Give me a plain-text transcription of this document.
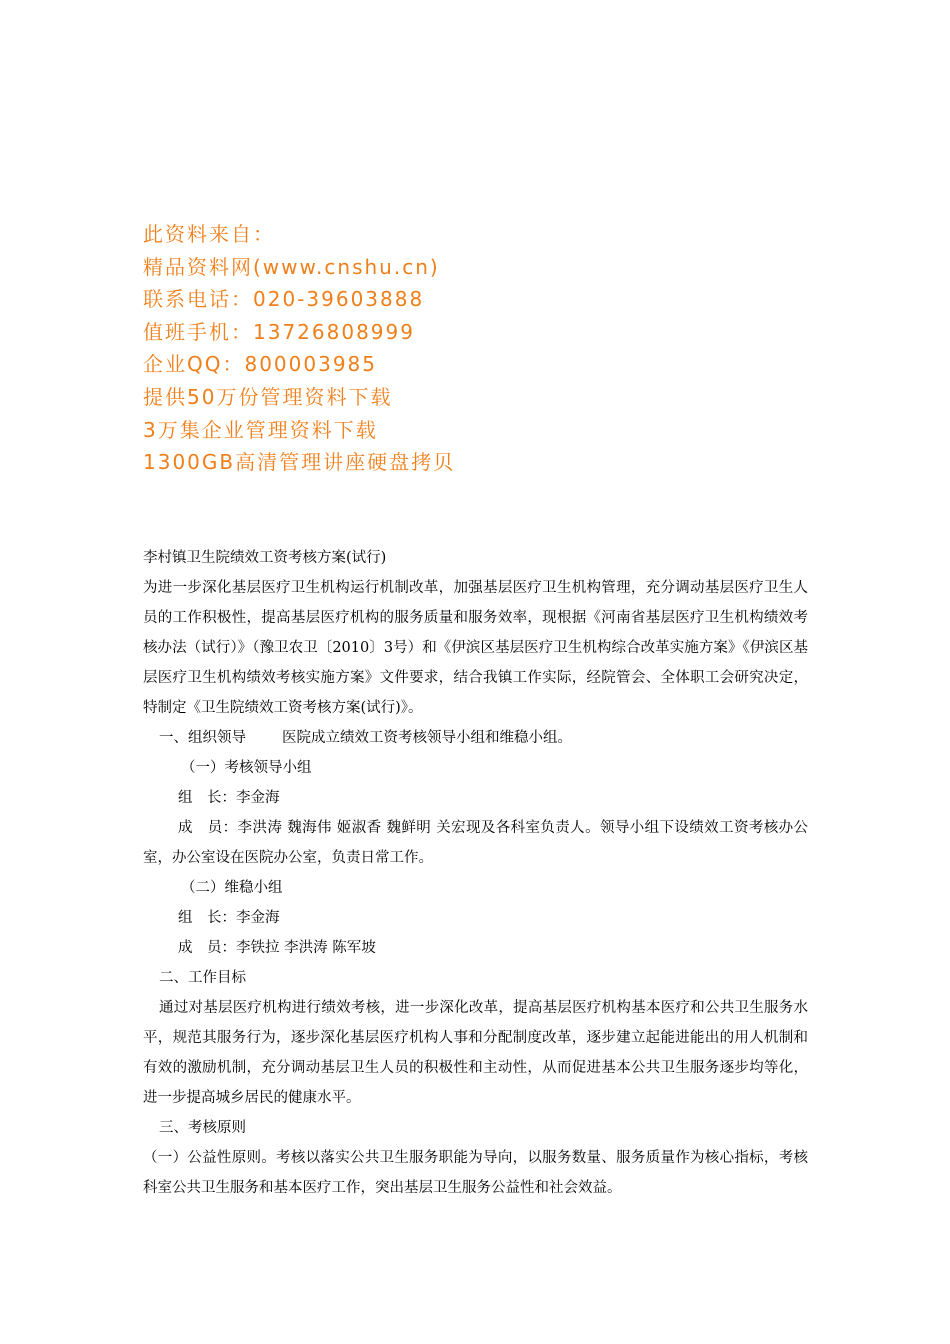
此资料来自：
精品资料网(www.cnshu.cn)
联系电话：020-39603888
值班手机：13726808999
企业QQ：800003985
提供50万份管理资料下载
3万集企业管理资料下载
1300GB高清管理讲座硬盘拷贝

李村镇卫生院绩效工资考核方案(试行)

为进一步深化基层医疗卫生机构运行机制改革，加强基层医疗卫生机构管理，充分调动基层医疗卫生人员的工作积极性，提高基层医疗机构的服务质量和服务效率，现根据《河南省基层医疗卫生机构绩效考核办法（试行）》（豫卫农卫〔2010〕3号）和《伊滨区基层医疗卫生机构综合改革实施方案》《伊滨区基层医疗卫生机构绩效考核实施方案》文件要求，结合我镇工作实际，经院管会、全体职工会研究决定，特制定《卫生院绩效工资考核方案(试行)》。

一、组织领导 医院成立绩效工资考核领导小组和维稳小组。

（一）考核领导小组

组　长：李金海

成　员：李洪涛 魏海伟 姬淑香 魏鲜明 关宏现及各科室负责人。领导小组下设绩效工资考核办公室，办公室设在医院办公室，负责日常工作。

（二）维稳小组

组　长：李金海

成　员：李铁拉 李洪涛 陈军坡

二、工作目标

通过对基层医疗机构进行绩效考核，进一步深化改革，提高基层医疗机构基本医疗和公共卫生服务水平，规范其服务行为，逐步深化基层医疗机构人事和分配制度改革，逐步建立起能进能出的用人机制和有效的激励机制，充分调动基层卫生人员的积极性和主动性，从而促进基本公共卫生服务逐步均等化，进一步提高城乡居民的健康水平。

三、考核原则

（一）公益性原则。考核以落实公共卫生服务职能为导向，以服务数量、服务质量作为核心指标，考核科室公共卫生服务和基本医疗工作，突出基层卫生服务公益性和社会效益。
